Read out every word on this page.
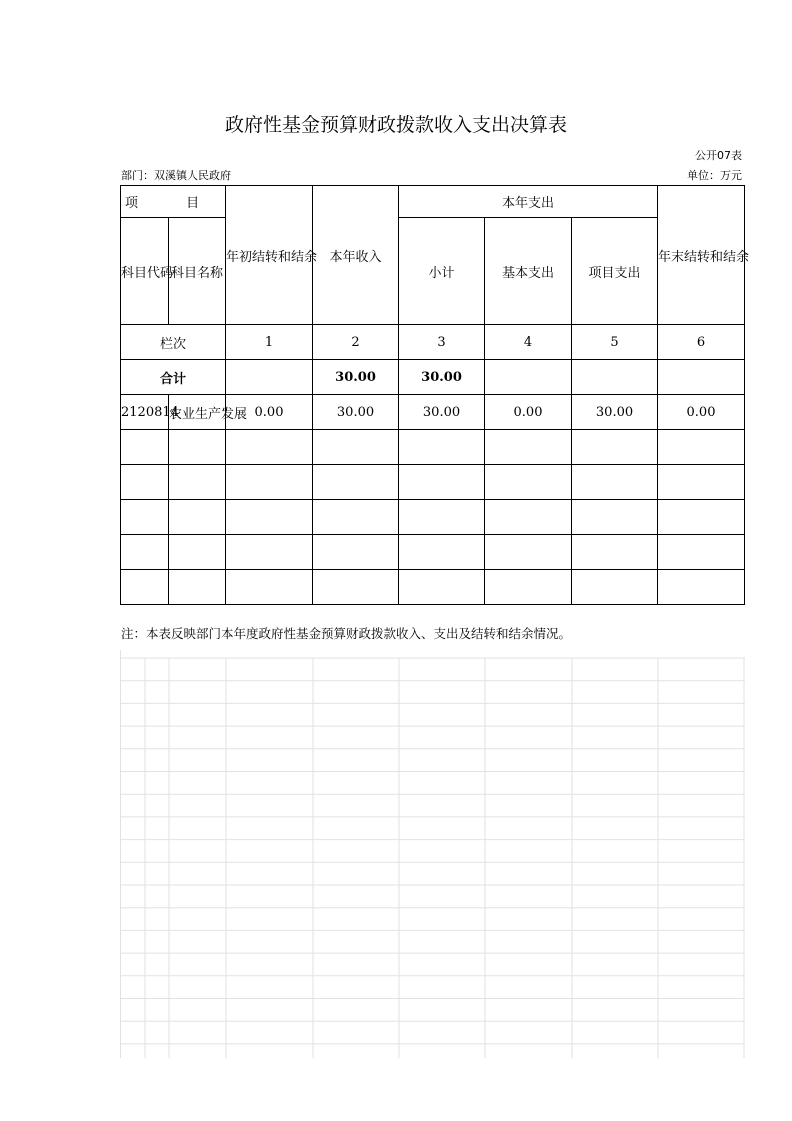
政府性基金预算财政拨款收入支出决算表
公开07表
部门：双溪镇人民政府	单位：万元
项 目		年初结转和结余	本年收入	本年支出			年末结转和结余
科目代码	科目名称			小计	基本支出	项目支出	
栏次		1	2	3	4	5	6
合计			30.00	30.00			
2120814	农业生产发展	0.00	30.00	30.00	0.00	30.00	0.00

注：本表反映部门本年度政府性基金预算财政拨款收入、支出及结转和结余情况。
